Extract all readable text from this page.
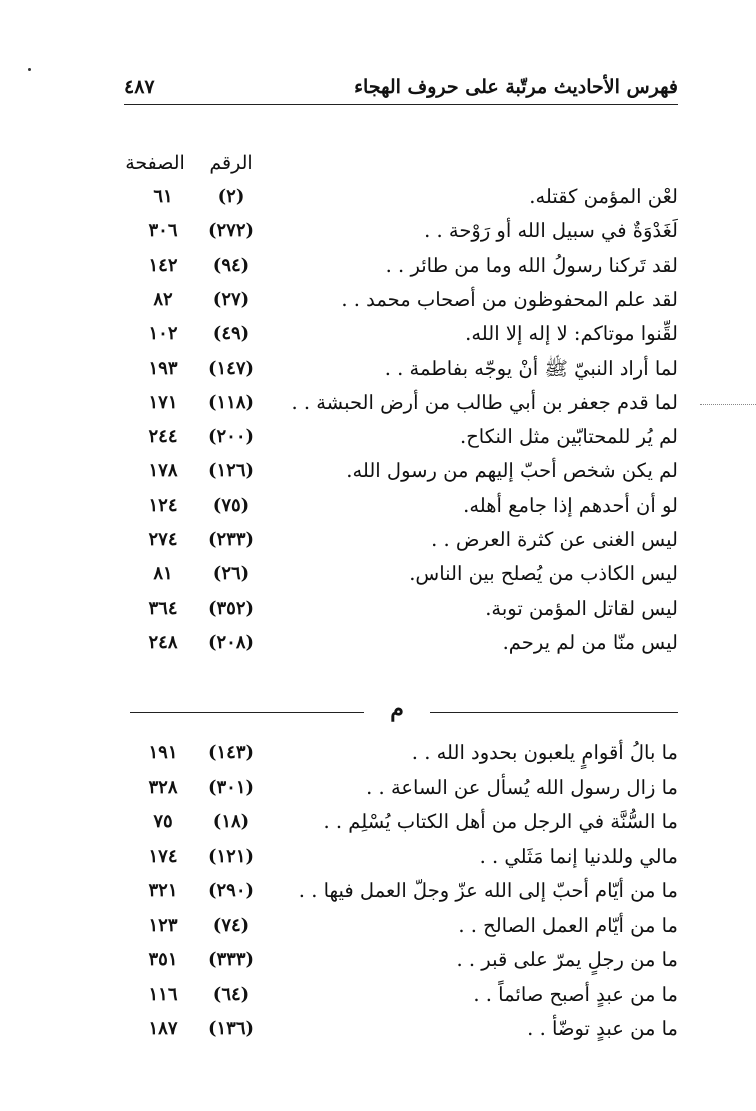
فهرس الأحاديث مرتّبة على حروف الهجاء
٤٨٧
الرقم
الصفحة
لعْن المؤمن كقتله.
(٢)
٦١
لَغَدْوَةٌ في سبيل الله أو رَوْحة . .
(٢٧٢)
٣٠٦
لقد تَركنا رسولُ الله وما من طائر . .
(٩٤)
١٤٢
لقد علم المحفوظون من أصحاب محمد . .
(٢٧)
٨٢
لقِّنوا موتاكم: لا إله إلا الله.
(٤٩)
١٠٢
لما أراد النبيّ ﷺ أنْ يوجّه بفاطمة . .
(١٤٧)
١٩٣
لما قدم جعفر بن أبي طالب من أرض الحبشة . .
(١١٨)
١٧١
لم يُر للمحتابّين مثل النكاح.
(٢٠٠)
٢٤٤
لم يكن شخص أحبّ إليهم من رسول الله.
(١٢٦)
١٧٨
لو أن أحدهم إذا جامع أهله.
(٧٥)
١٢٤
ليس الغنى عن كثرة العرض . .
(٢٣٣)
٢٧٤
ليس الكاذب من يُصلح بين الناس.
(٢٦)
٨١
ليس لقاتل المؤمن توبة.
(٣٥٢)
٣٦٤
ليس منّا من لم يرحم.
(٢٠٨)
٢٤٨
م
ما بالُ أقوامٍ يلعبون بحدود الله . .
(١٤٣)
١٩١
ما زال رسول الله يُسأل عن الساعة . .
(٣٠١)
٣٢٨
ما السُّنَّة في الرجل من أهل الكتاب يُسْلِم . .
(١٨)
٧٥
مالي وللدنيا إنما مَثَلي . .
(١٢١)
١٧٤
ما من أيّام أحبّ إلى الله عزّ وجلّ العمل فيها . .
(٢٩٠)
٣٢١
ما من أيّام العمل الصالح . .
(٧٤)
١٢٣
ما من رجلٍ يمرّ على قبر . .
(٣٣٣)
٣٥١
ما من عبدٍ أصبح صائماً . .
(٦٤)
١١٦
ما من عبدٍ توضّأ . .
(١٣٦)
١٨٧
